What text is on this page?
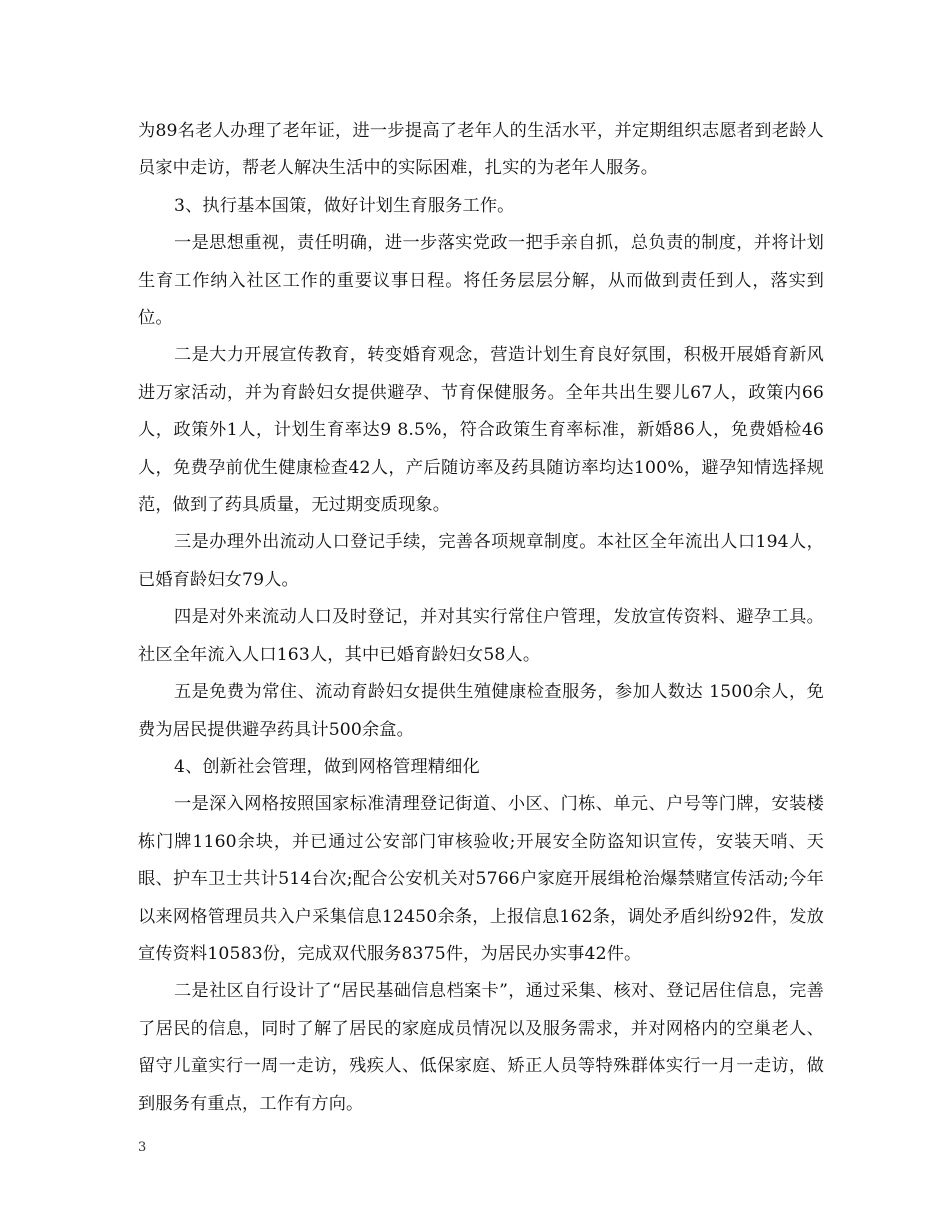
为89名老人办理了老年证，进一步提高了老年人的生活水平，并定期组织志愿者到老龄人员家中走访，帮老人解决生活中的实际困难，扎实的为老年人服务。

3、执行基本国策，做好计划生育服务工作。

一是思想重视，责任明确，进一步落实党政一把手亲自抓，总负责的制度，并将计划生育工作纳入社区工作的重要议事日程。将任务层层分解，从而做到责任到人，落实到位。

二是大力开展宣传教育，转变婚育观念，营造计划生育良好氛围，积极开展婚育新风进万家活动，并为育龄妇女提供避孕、节育保健服务。全年共出生婴儿67人，政策内66人，政策外1人，计划生育率达9 8.5%，符合政策生育率标准，新婚86人，免费婚检46人，免费孕前优生健康检查42人，产后随访率及药具随访率均达100%，避孕知情选择规范，做到了药具质量，无过期变质现象。

三是办理外出流动人口登记手续，完善各项规章制度。本社区全年流出人口194人，已婚育龄妇女79人。

四是对外来流动人口及时登记，并对其实行常住户管理，发放宣传资料、避孕工具。社区全年流入人口163人，其中已婚育龄妇女58人。

五是免费为常住、流动育龄妇女提供生殖健康检查服务，参加人数达 1500余人，免费为居民提供避孕药具计500余盒。

4、创新社会管理，做到网格管理精细化

一是深入网格按照国家标准清理登记街道、小区、门栋、单元、户号等门牌，安装楼栋门牌1160余块，并已通过公安部门审核验收;开展安全防盗知识宣传，安装天哨、天眼、护车卫士共计514台次;配合公安机关对5766户家庭开展缉枪治爆禁赌宣传活动;今年以来网格管理员共入户采集信息12450余条，上报信息162条，调处矛盾纠纷92件，发放宣传资料10583份，完成双代服务8375件，为居民办实事42件。

二是社区自行设计了“居民基础信息档案卡”，通过采集、核对、登记居住信息，完善了居民的信息，同时了解了居民的家庭成员情况以及服务需求，并对网格内的空巢老人、留守儿童实行一周一走访，残疾人、低保家庭、矫正人员等特殊群体实行一月一走访，做到服务有重点，工作有方向。

3
